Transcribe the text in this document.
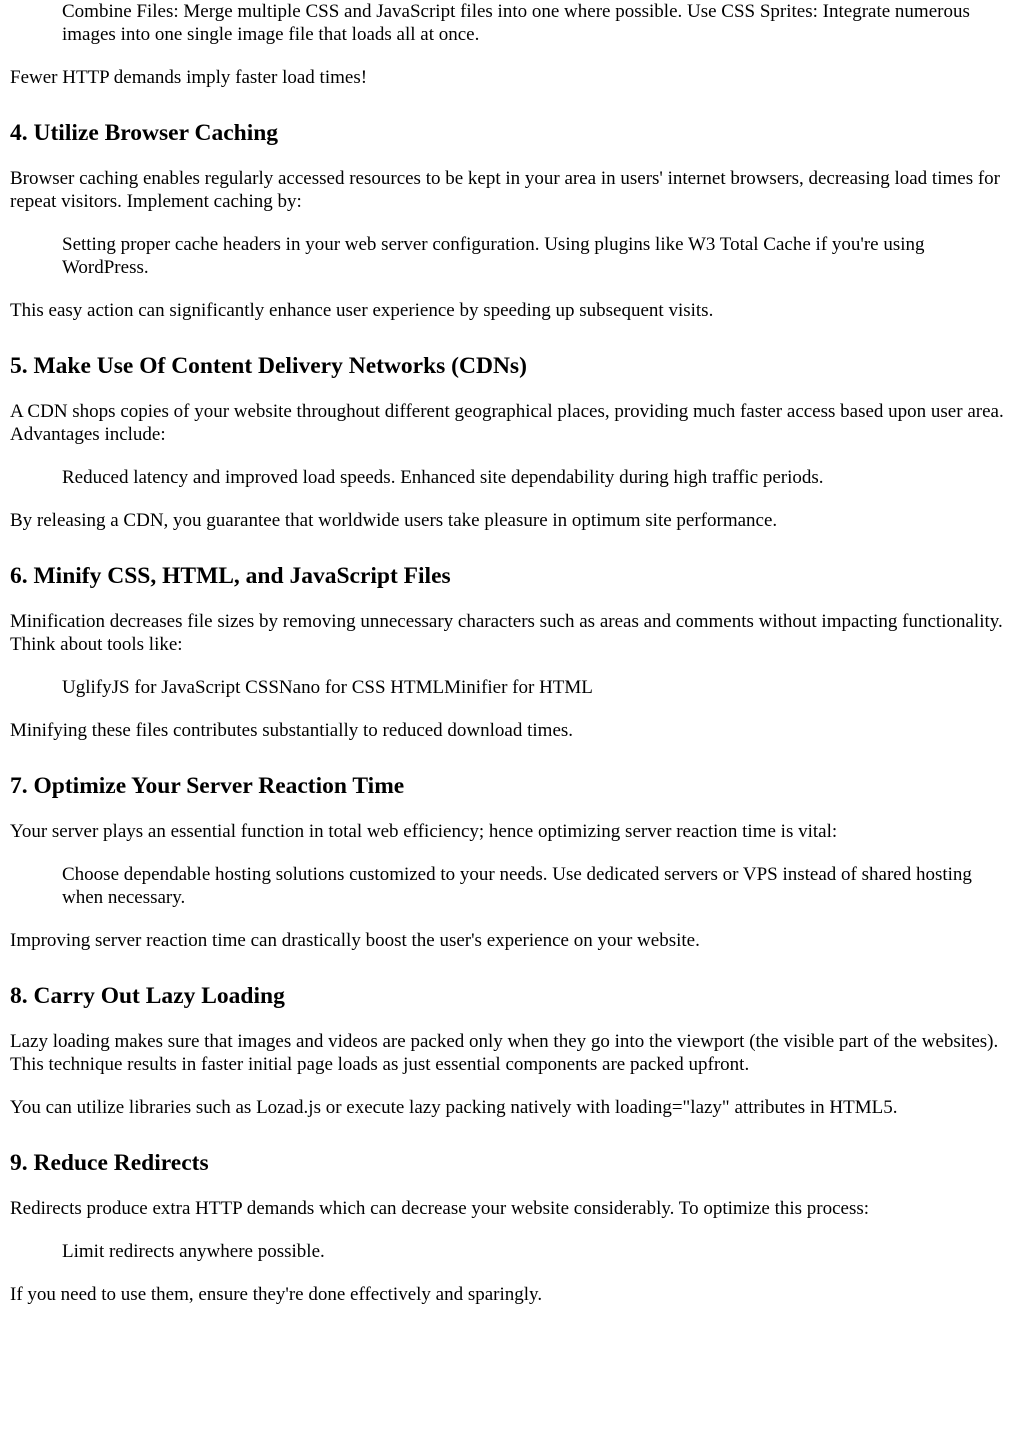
Combine Files: Merge multiple CSS and JavaScript files into one where possible. Use CSS Sprites: Integrate numerous images into one single image file that loads all at once.

Fewer HTTP demands imply faster load times!

4. Utilize Browser Caching

Browser caching enables regularly accessed resources to be kept in your area in users' internet browsers, decreasing load times for repeat visitors. Implement caching by:

Setting proper cache headers in your web server configuration. Using plugins like W3 Total Cache if you're using WordPress.

This easy action can significantly enhance user experience by speeding up subsequent visits.

5. Make Use Of Content Delivery Networks (CDNs)

A CDN shops copies of your website throughout different geographical places, providing much faster access based upon user area. Advantages include:

Reduced latency and improved load speeds. Enhanced site dependability during high traffic periods.

By releasing a CDN, you guarantee that worldwide users take pleasure in optimum site performance.

6. Minify CSS, HTML, and JavaScript Files

Minification decreases file sizes by removing unnecessary characters such as areas and comments without impacting functionality. Think about tools like:

UglifyJS for JavaScript CSSNano for CSS HTMLMinifier for HTML

Minifying these files contributes substantially to reduced download times.

7. Optimize Your Server Reaction Time

Your server plays an essential function in total web efficiency; hence optimizing server reaction time is vital:

Choose dependable hosting solutions customized to your needs. Use dedicated servers or VPS instead of shared hosting when necessary.

Improving server reaction time can drastically boost the user's experience on your website.

8. Carry Out Lazy Loading

Lazy loading makes sure that images and videos are packed only when they go into the viewport (the visible part of the websites). This technique results in faster initial page loads as just essential components are packed upfront.

You can utilize libraries such as Lozad.js or execute lazy packing natively with loading="lazy" attributes in HTML5.

9. Reduce Redirects

Redirects produce extra HTTP demands which can decrease your website considerably. To optimize this process:

Limit redirects anywhere possible.

If you need to use them, ensure they're done effectively and sparingly.
